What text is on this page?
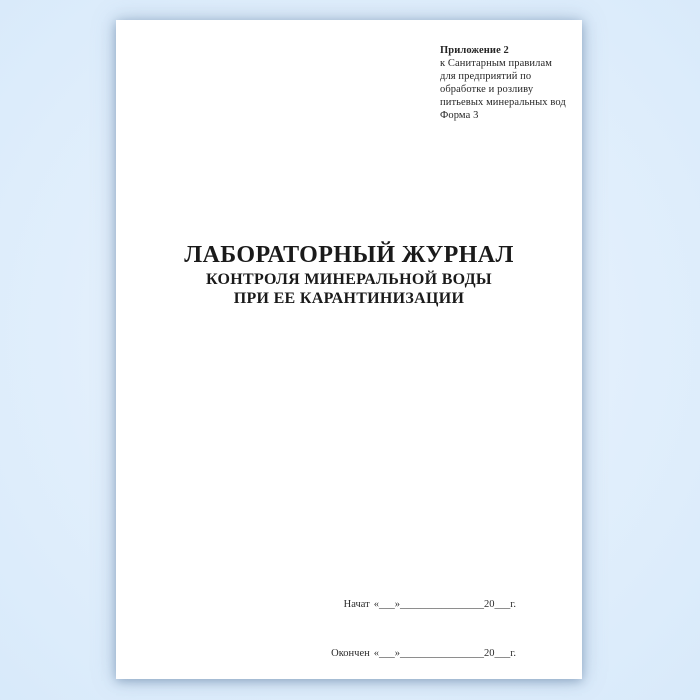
Приложение 2
к Санитарным правилам
для предприятий по
обработке и розливу
питьевых минеральных вод
Форма 3
ЛАБОРАТОРНЫЙ ЖУРНАЛ
КОНТРОЛЯ МИНЕРАЛЬНОЙ ВОДЫ
ПРИ ЕЕ КАРАНТИНИЗАЦИИ

Начат «___»________________20___г.

Окончен «___»________________20___г.
